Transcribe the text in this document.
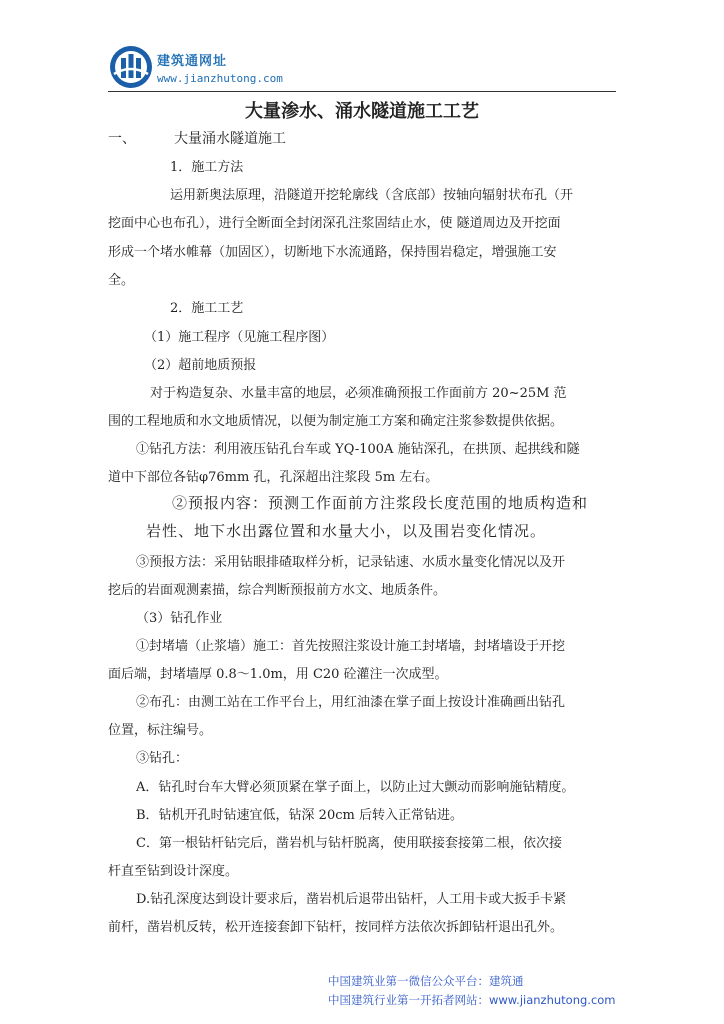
建筑通网址
www.jianzhutong.com
大量渗水、涌水隧道施工工艺
一、	大量涌水隧道施工
1．施工方法
运用新奥法原理，沿隧道开挖轮廓线（含底部）按轴向辐射状布孔（开
挖面中心也布孔），进行全断面全封闭深孔注浆固结止水，使 隧道周边及开挖面
形成一个堵水帷幕（加固区），切断地下水流通路，保持围岩稳定，增强施工安
全。
2．施工工艺
（1）施工程序（见施工程序图）
（2）超前地质预报
对于构造复杂、水量丰富的地层，必须准确预报工作面前方 20~25M 范
围的工程地质和水文地质情况，以便为制定施工方案和确定注浆参数提供依据。
①钻孔方法：利用液压钻孔台车或 YQ-100A 施钻深孔，在拱顶、起拱线和隧
道中下部位各钻φ76mm 孔，孔深超出注浆段 5m 左右。
②预报内容：预测工作面前方注浆段长度范围的地质构造和
岩性、地下水出露位置和水量大小，以及围岩变化情况。
③预报方法：采用钻眼排碴取样分析，记录钻速、水质水量变化情况以及开
挖后的岩面观测素描，综合判断预报前方水文、地质条件。
（3）钻孔作业
①封堵墙（止浆墙）施工：首先按照注浆设计施工封堵墙，封堵墙设于开挖
面后端，封堵墙厚 0.8～1.0m，用 C20 砼灌注一次成型。
②布孔：由测工站在工作平台上，用红油漆在掌子面上按设计准确画出钻孔
位置，标注编号。
③钻孔：
A．钻孔时台车大臂必须顶紧在掌子面上，以防止过大颤动而影响施钻精度。
B．钻机开孔时钻速宜低，钻深 20cm 后转入正常钻进。
C．第一根钻杆钻完后，凿岩机与钻杆脱离，使用联接套接第二根，依次接
杆直至钻到设计深度。
D.钻孔深度达到设计要求后，凿岩机后退带出钻杆，人工用卡或大扳手卡紧
前杆，凿岩机反转，松开连接套卸下钻杆，按同样方法依次拆卸钻杆退出孔外。
中国建筑业第一微信公众平台：建筑通
中国建筑行业第一开拓者网站：www.jianzhutong.com
